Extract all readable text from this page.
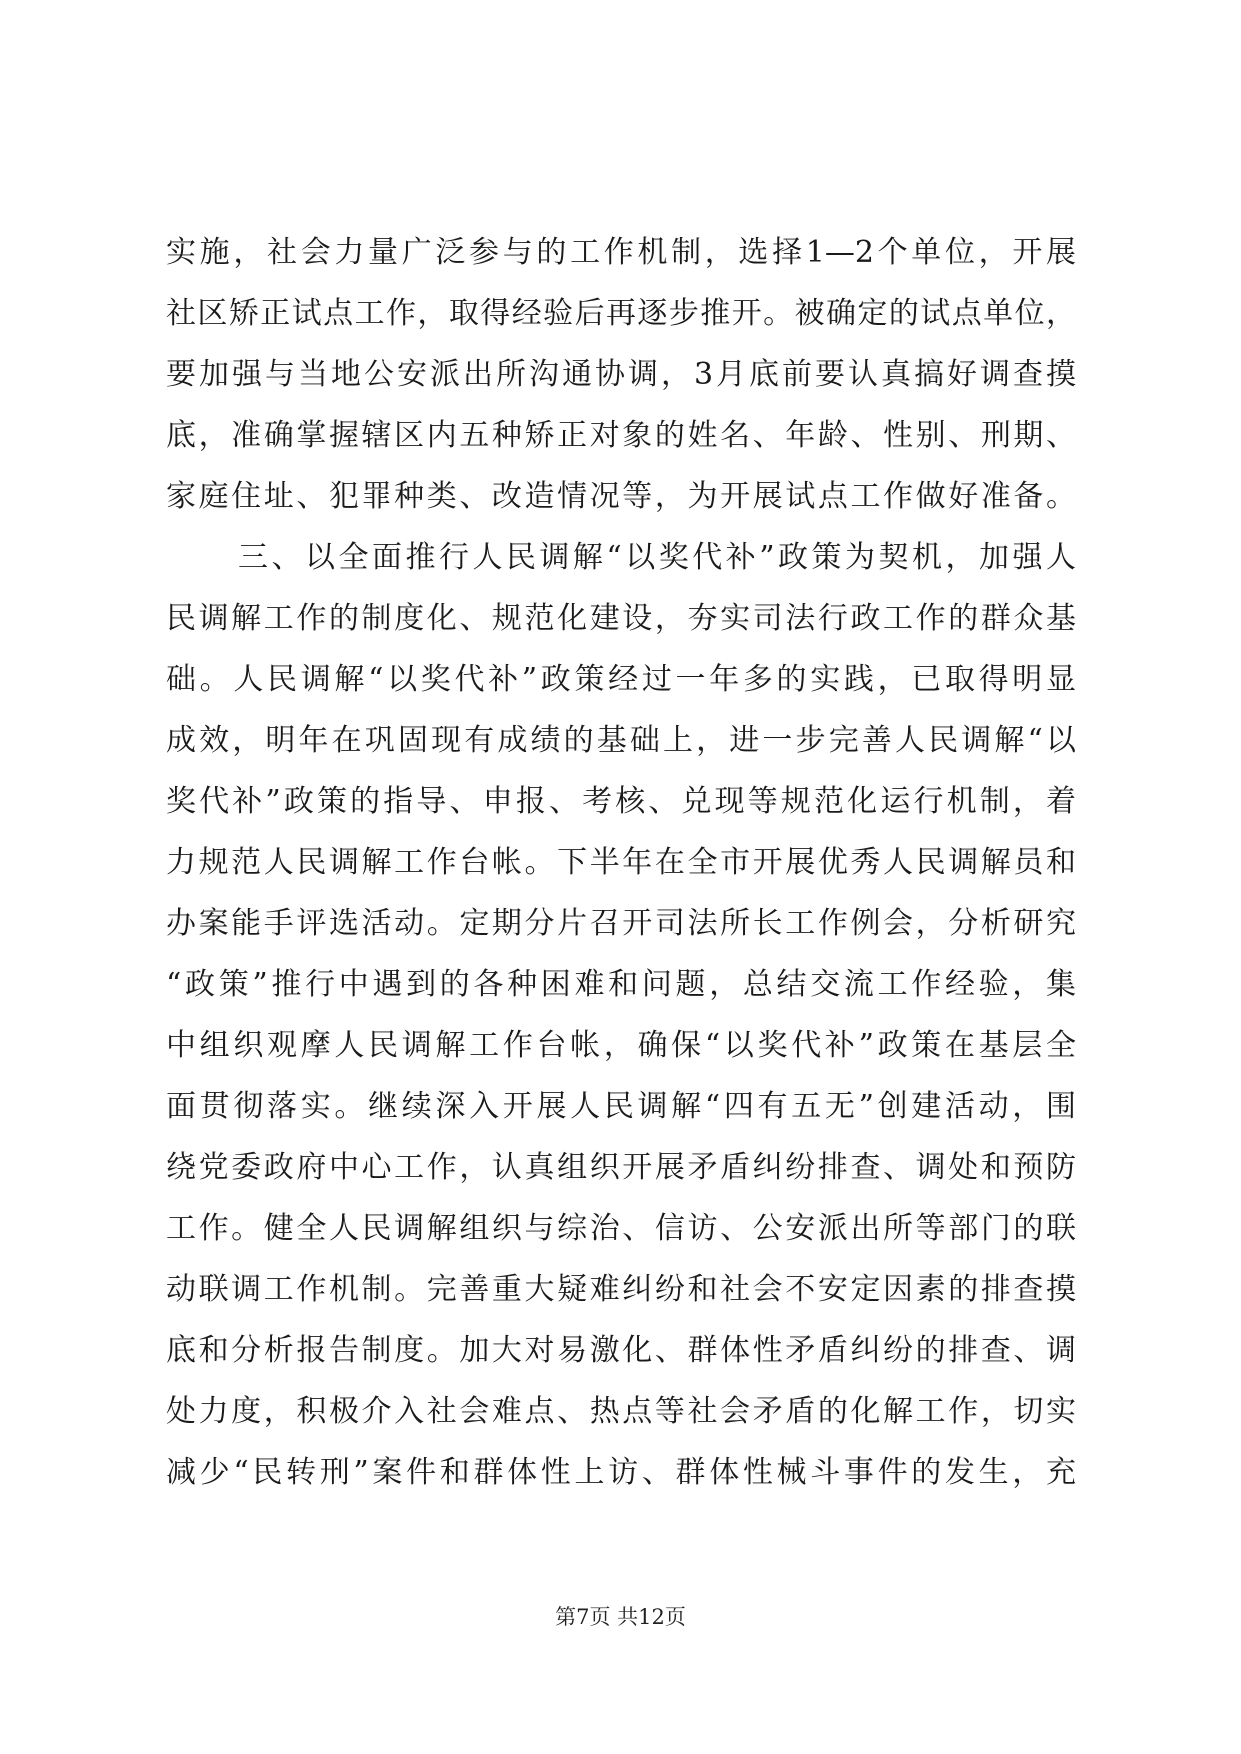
实施，社会力量广泛参与的工作机制，选择1—2个单位，开展
社区矫正试点工作，取得经验后再逐步推开。被确定的试点单位，
要加强与当地公安派出所沟通协调，3月底前要认真搞好调查摸
底，准确掌握辖区内五种矫正对象的姓名、年龄、性别、刑期、
家庭住址、犯罪种类、改造情况等，为开展试点工作做好准备。
三、以全面推行人民调解“以奖代补”政策为契机，加强人
民调解工作的制度化、规范化建设，夯实司法行政工作的群众基
础。人民调解“以奖代补”政策经过一年多的实践，已取得明显
成效，明年在巩固现有成绩的基础上，进一步完善人民调解“以
奖代补”政策的指导、申报、考核、兑现等规范化运行机制，着
力规范人民调解工作台帐。下半年在全市开展优秀人民调解员和
办案能手评选活动。定期分片召开司法所长工作例会，分析研究
“政策”推行中遇到的各种困难和问题，总结交流工作经验，集
中组织观摩人民调解工作台帐，确保“以奖代补”政策在基层全
面贯彻落实。继续深入开展人民调解“四有五无”创建活动，围
绕党委政府中心工作，认真组织开展矛盾纠纷排查、调处和预防
工作。健全人民调解组织与综治、信访、公安派出所等部门的联
动联调工作机制。完善重大疑难纠纷和社会不安定因素的排查摸
底和分析报告制度。加大对易激化、群体性矛盾纠纷的排查、调
处力度，积极介入社会难点、热点等社会矛盾的化解工作，切实
减少“民转刑”案件和群体性上访、群体性械斗事件的发生，充
第7页 共12页
